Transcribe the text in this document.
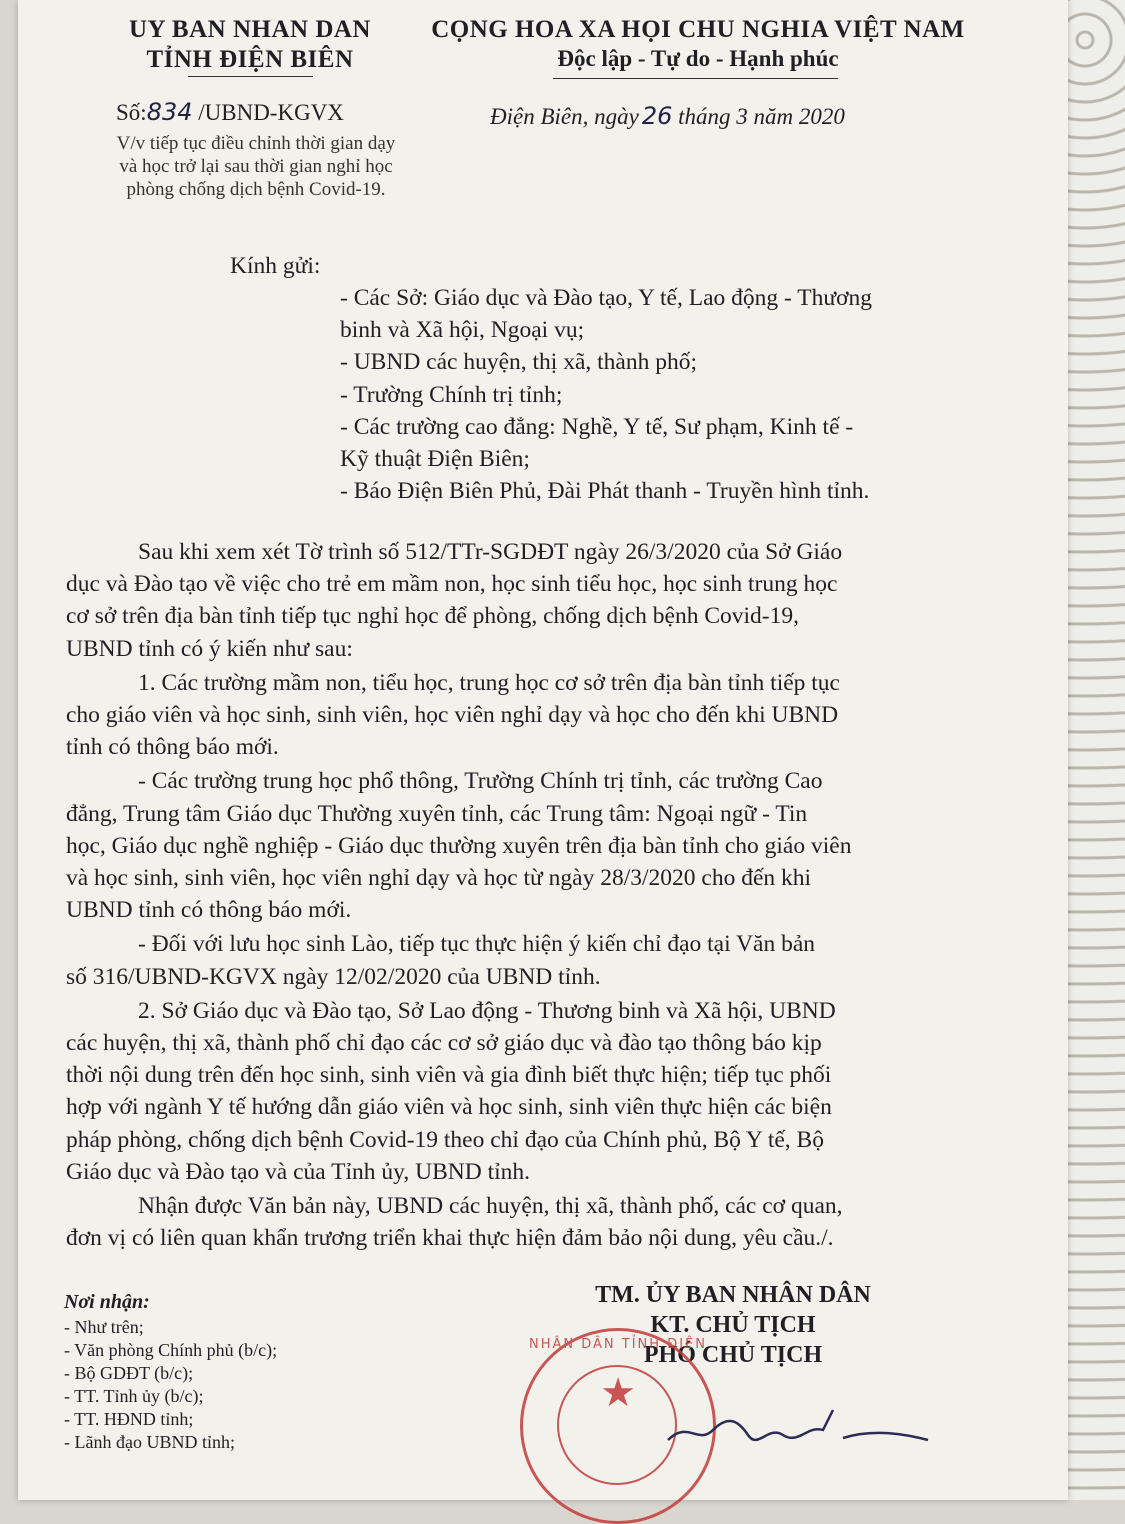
UY BAN NHAN DAN
TỈNH ĐIỆN BIÊN
CỌNG HOA XA HỌI CHU NGHIA VIỆT NAM
Độc lập - Tự do - Hạnh phúc
Số:834 /UBND-KGVX	Điện Biên, ngày 26 tháng 3 năm 2020
V/v tiếp tục điều chỉnh thời gian dạy
và học trở lại sau thời gian nghỉ học
phòng chống dịch bệnh Covid-19.
Kính gửi:
- Các Sở: Giáo dục và Đào tạo, Y tế, Lao động - Thương
binh và Xã hội, Ngoại vụ;
- UBND các huyện, thị xã, thành phố;
- Trường Chính trị tỉnh;
- Các trường cao đẳng: Nghề, Y tế, Sư phạm, Kinh tế -
Kỹ thuật Điện Biên;
- Báo Điện Biên Phủ, Đài Phát thanh - Truyền hình tỉnh.
Sau khi xem xét Tờ trình số 512/TTr-SGDĐT ngày 26/3/2020 của Sở Giáo
dục và Đào tạo về việc cho trẻ em mầm non, học sinh tiểu học, học sinh trung học
cơ sở trên địa bàn tỉnh tiếp tục nghỉ học để phòng, chống dịch bệnh Covid-19,
UBND tỉnh có ý kiến như sau:
1. Các trường mầm non, tiểu học, trung học cơ sở trên địa bàn tỉnh tiếp tục
cho giáo viên và học sinh, sinh viên, học viên nghỉ dạy và học cho đến khi UBND
tỉnh có thông báo mới.
- Các trường trung học phổ thông, Trường Chính trị tỉnh, các trường Cao
đẳng, Trung tâm Giáo dục Thường xuyên tỉnh, các Trung tâm: Ngoại ngữ - Tin
học, Giáo dục nghề nghiệp - Giáo dục thường xuyên trên địa bàn tỉnh cho giáo viên
và học sinh, sinh viên, học viên nghỉ dạy và học từ ngày 28/3/2020 cho đến khi
UBND tỉnh có thông báo mới.
- Đối với lưu học sinh Lào, tiếp tục thực hiện ý kiến chỉ đạo tại Văn bản
số 316/UBND-KGVX ngày 12/02/2020 của UBND tỉnh.
2. Sở Giáo dục và Đào tạo, Sở Lao động - Thương binh và Xã hội, UBND
các huyện, thị xã, thành phố chỉ đạo các cơ sở giáo dục và đào tạo thông báo kịp
thời nội dung trên đến học sinh, sinh viên và gia đình biết thực hiện; tiếp tục phối
hợp với ngành Y tế hướng dẫn giáo viên và học sinh, sinh viên thực hiện các biện
pháp phòng, chống dịch bệnh Covid-19 theo chỉ đạo của Chính phủ, Bộ Y tế, Bộ
Giáo dục và Đào tạo và của Tỉnh ủy, UBND tỉnh.
Nhận được Văn bản này, UBND các huyện, thị xã, thành phố, các cơ quan,
đơn vị có liên quan khẩn trương triển khai thực hiện đảm bảo nội dung, yêu cầu./.
Nơi nhận:
- Như trên;
- Văn phòng Chính phủ (b/c);
- Bộ GDĐT (b/c);
- TT. Tỉnh ủy (b/c);
- TT. HĐND tỉnh;
- Lãnh đạo UBND tỉnh;
TM. ỦY BAN NHÂN DÂN
KT. CHỦ TỊCH
PHÓ CHỦ TỊCH
NHÂN DÂN TỈNH ĐIỆN
★
